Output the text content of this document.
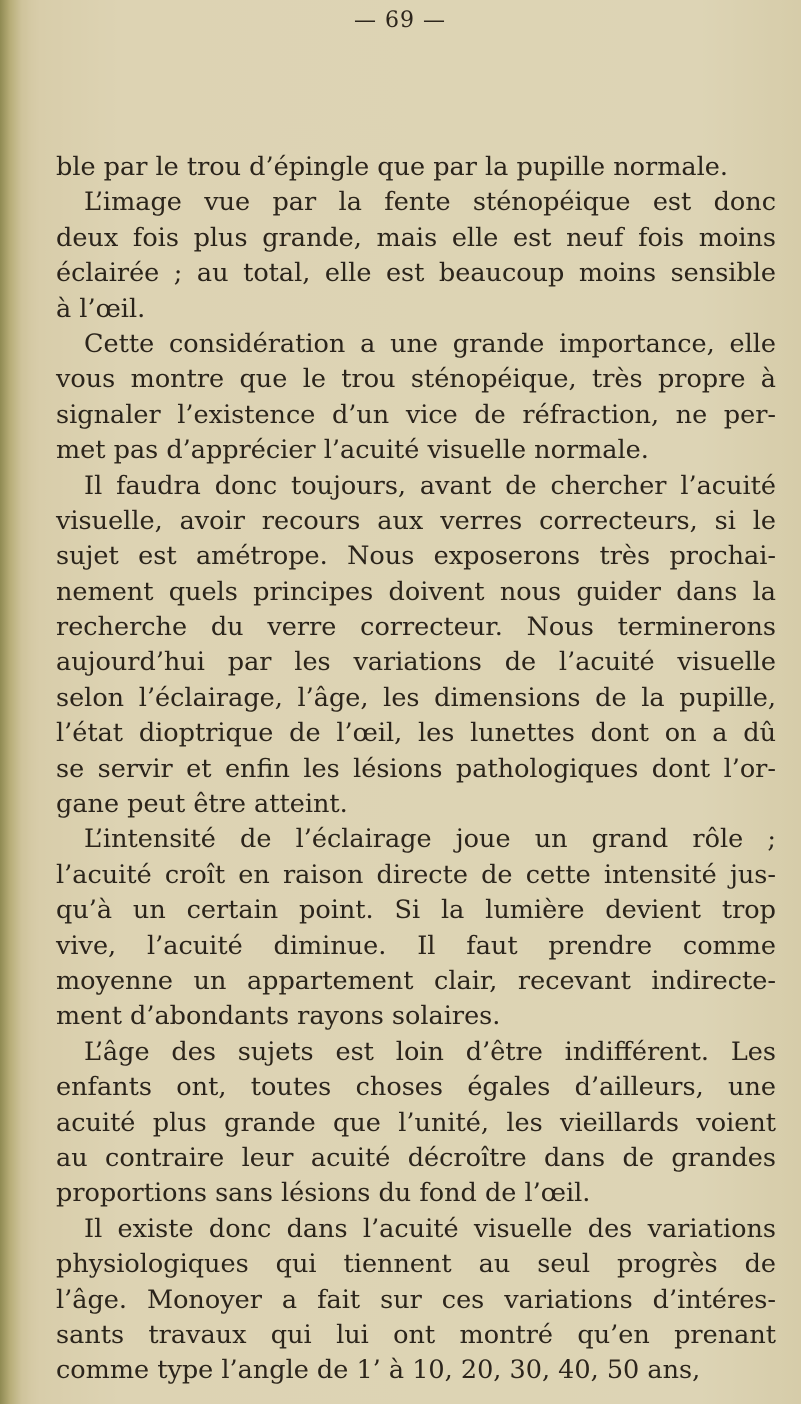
— 69 —
ble par le trou d’épingle que par la pupille normale.
L’image vue par la fente sténopéique est donc
deux fois plus grande, mais elle est neuf fois moins
éclairée ; au total, elle est beaucoup moins sensible
à l’œil.
Cette considération a une grande importance, elle
vous montre que le trou sténopéique, très propre à
signaler l’existence d’un vice de réfraction, ne per-
met pas d’apprécier l’acuité visuelle normale.
Il faudra donc toujours, avant de chercher l’acuité
visuelle, avoir recours aux verres correcteurs, si le
sujet est amétrope. Nous exposerons très prochai-
nement quels principes doivent nous guider dans la
recherche du verre correcteur. Nous terminerons
aujourd’hui par les variations de l’acuité visuelle
selon l’éclairage, l’âge, les dimensions de la pupille,
l’état dioptrique de l’œil, les lunettes dont on a dû
se servir et enfin les lésions pathologiques dont l’or-
gane peut être atteint.
L’intensité de l’éclairage joue un grand rôle ;
l’acuité croît en raison directe de cette intensité jus-
qu’à un certain point. Si la lumière devient trop
vive, l’acuité diminue. Il faut prendre comme
moyenne un appartement clair, recevant indirecte-
ment d’abondants rayons solaires.
L’âge des sujets est loin d’être indifférent. Les
enfants ont, toutes choses égales d’ailleurs, une
acuité plus grande que l’unité, les vieillards voient
au contraire leur acuité décroître dans de grandes
proportions sans lésions du fond de l’œil.
Il existe donc dans l’acuité visuelle des variations
physiologiques qui tiennent au seul progrès de
l’âge. Monoyer a fait sur ces variations d’intéres-
sants travaux qui lui ont montré qu’en prenant
comme type l’angle de 1’ à 10, 20, 30, 40, 50 ans,
